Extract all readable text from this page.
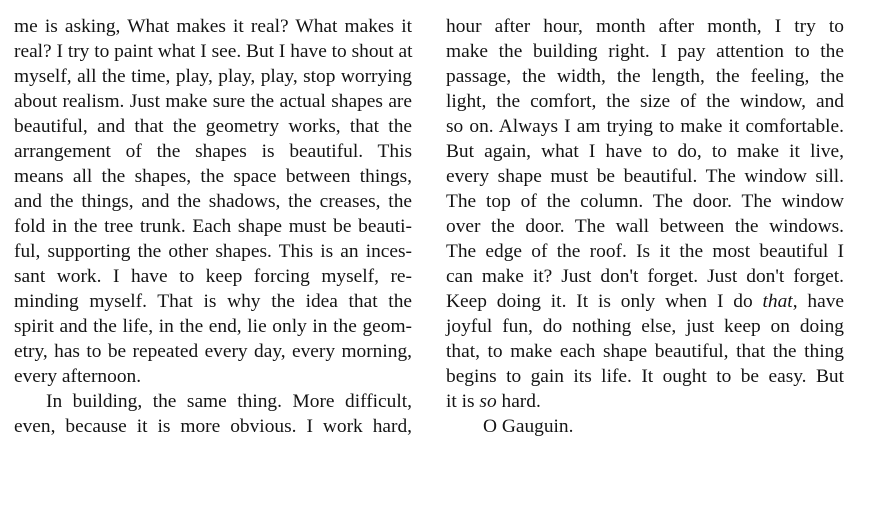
me is asking, What makes it real? What makes it
real? I try to paint what I see. But I have to shout at
myself, all the time, play, play, play, stop worrying
about realism. Just make sure the actual shapes are
beautiful, and that the geometry works, that the
arrangement of the shapes is beautiful. This
means all the shapes, the space between things,
and the things, and the shadows, the creases, the
fold in the tree trunk. Each shape must be beauti-
ful, supporting the other shapes. This is an inces-
sant work. I have to keep forcing myself, re-
minding myself. That is why the idea that the
spirit and the life, in the end, lie only in the geom-
etry, has to be repeated every day, every morning,
every afternoon.
In building, the same thing. More difficult,
even, because it is more obvious. I work hard,
hour after hour, month after month, I try to
make the building right. I pay attention to the
passage, the width, the length, the feeling, the
light, the comfort, the size of the window, and
so on. Always I am trying to make it comfortable.
But again, what I have to do, to make it live,
every shape must be beautiful. The window sill.
The top of the column. The door. The window
over the door. The wall between the windows.
The edge of the roof. Is it the most beautiful I
can make it? Just don't forget. Just don't forget.
Keep doing it. It is only when I do that, have
joyful fun, do nothing else, just keep on doing
that, to make each shape beautiful, that the thing
begins to gain its life. It ought to be easy. But
it is so hard.
O Gauguin.
